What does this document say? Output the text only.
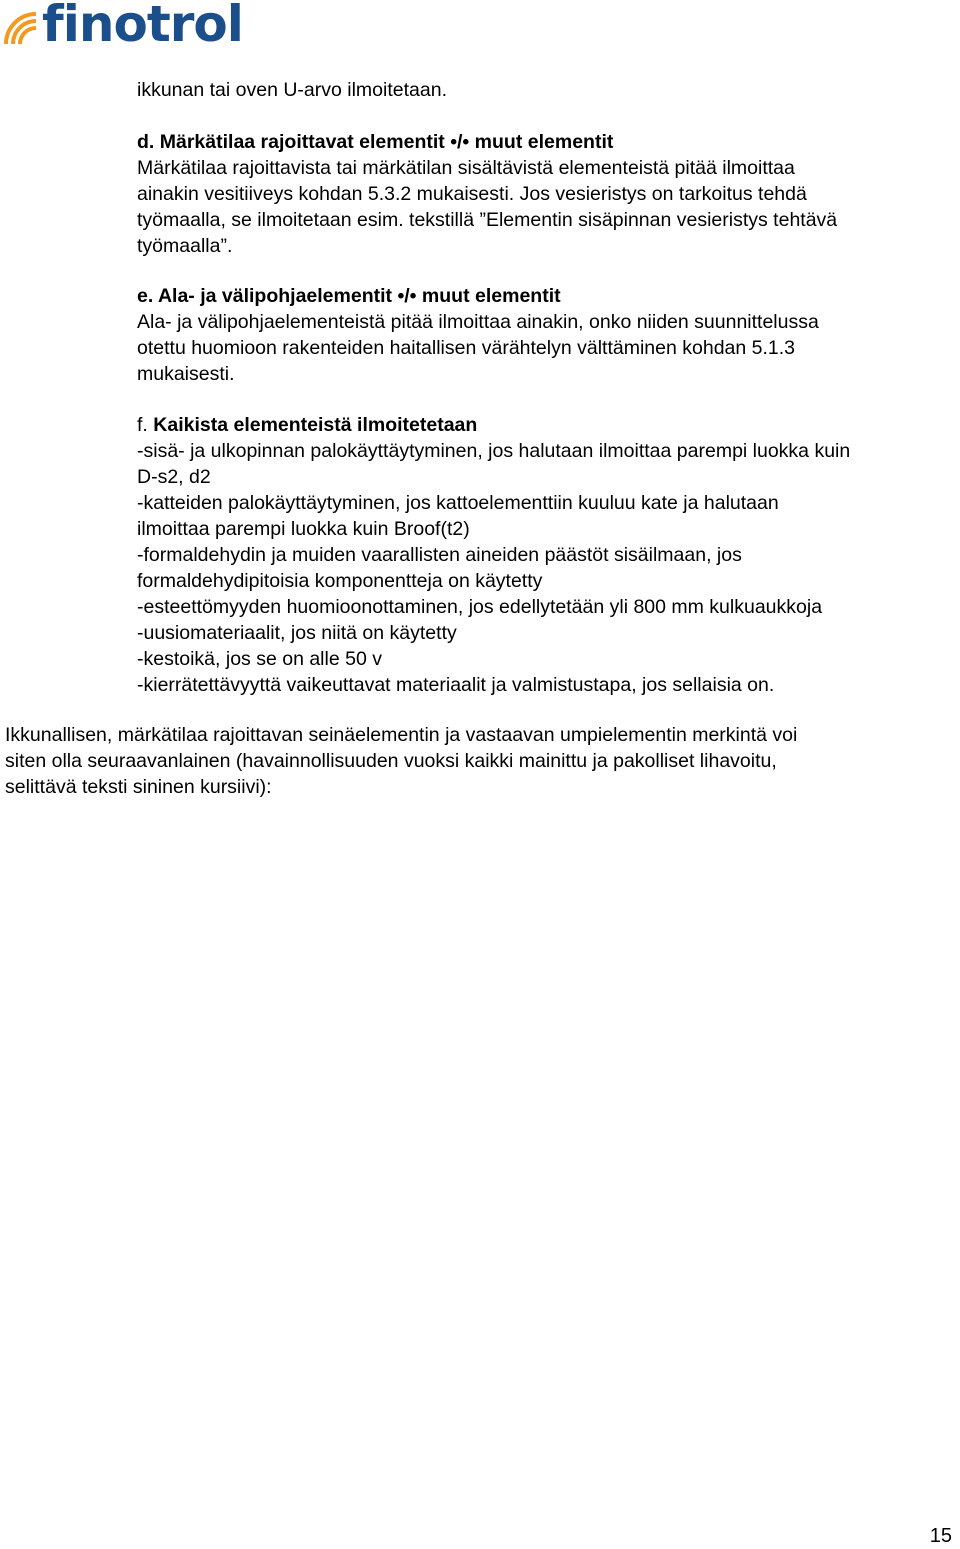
finotrol

ikkunan tai oven U-arvo ilmoitetaan.

d. Märkätilaa rajoittavat elementit •/• muut elementit

Märkätilaa rajoittavista tai märkätilan sisältävistä elementeistä pitää ilmoittaa

ainakin vesitiiveys kohdan 5.3.2 mukaisesti. Jos vesieristys on tarkoitus tehdä

työmaalla, se ilmoitetaan esim. tekstillä ”Elementin sisäpinnan vesieristys tehtävä

työmaalla”.

e. Ala- ja välipohjaelementit •/• muut elementit

Ala- ja välipohjaelementeistä pitää ilmoittaa ainakin, onko niiden suunnittelussa

otettu huomioon rakenteiden haitallisen värähtelyn välttäminen kohdan 5.1.3

mukaisesti.

f. Kaikista elementeistä ilmoitetetaan

-sisä- ja ulkopinnan palokäyttäytyminen, jos halutaan ilmoittaa parempi luokka kuin

D-s2, d2

-katteiden palokäyttäytyminen, jos kattoelementtiin kuuluu kate ja halutaan

ilmoittaa parempi luokka kuin Broof(t2)

-formaldehydin ja muiden vaarallisten aineiden päästöt sisäilmaan, jos

formaldehydipitoisia komponentteja on käytetty

-esteettömyyden huomioonottaminen, jos edellytetään yli 800 mm kulkuaukkoja

-uusiomateriaalit, jos niitä on käytetty

-kestoikä, jos se on alle 50 v

-kierrätettävyyttä vaikeuttavat materiaalit ja valmistustapa, jos sellaisia on.

Ikkunallisen, märkätilaa rajoittavan seinäelementin ja vastaavan umpielementin merkintä voi

siten olla seuraavanlainen (havainnollisuuden vuoksi kaikki mainittu ja pakolliset lihavoitu,

selittävä teksti sininen kursiivi):

15
